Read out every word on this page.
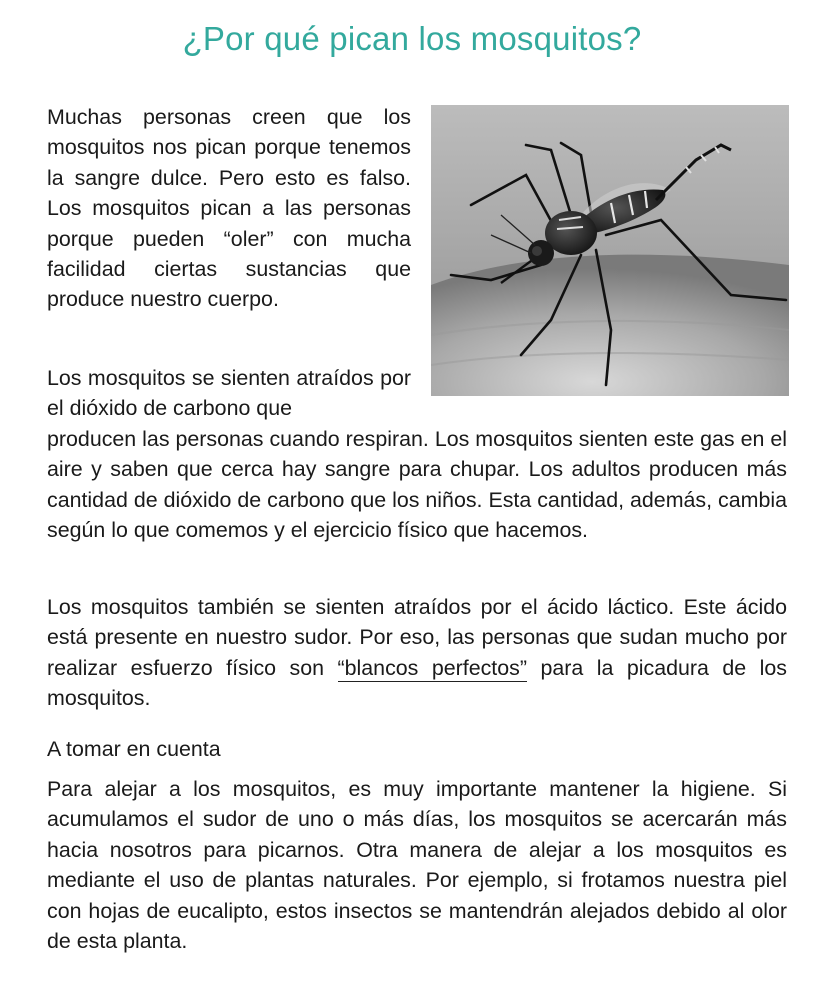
¿Por qué pican los mosquitos?

Muchas personas creen que los mosquitos nos pican porque tenemos la sangre dulce. Pero esto es falso. Los mosquitos pican a las personas porque pueden “oler” con mucha facilidad ciertas sustancias que produce nuestro cuerpo.

Los mosquitos se sienten atraídos por el dióxido de carbono que
producen las personas cuando respiran. Los mosquitos sienten este gas en el aire y saben que cerca hay sangre para chupar. Los adultos producen más cantidad de dióxido de carbono que los niños. Esta cantidad, además, cambia según lo que comemos y el ejercicio físico que hacemos.

Los mosquitos también se sienten atraídos por el ácido láctico. Este ácido está presente en nuestro sudor. Por eso, las personas que sudan mucho por realizar esfuerzo físico son “blancos perfectos” para la picadura de los mosquitos.

A tomar en cuenta

Para alejar a los mosquitos, es muy importante mantener la higiene. Si acumulamos el sudor de uno o más días, los mosquitos se acercarán más hacia nosotros para picarnos. Otra manera de alejar a los mosquitos es mediante el uso de plantas naturales. Por ejemplo, si frotamos nuestra piel con hojas de eucalipto, estos insectos se mantendrán alejados debido al olor de esta planta.
